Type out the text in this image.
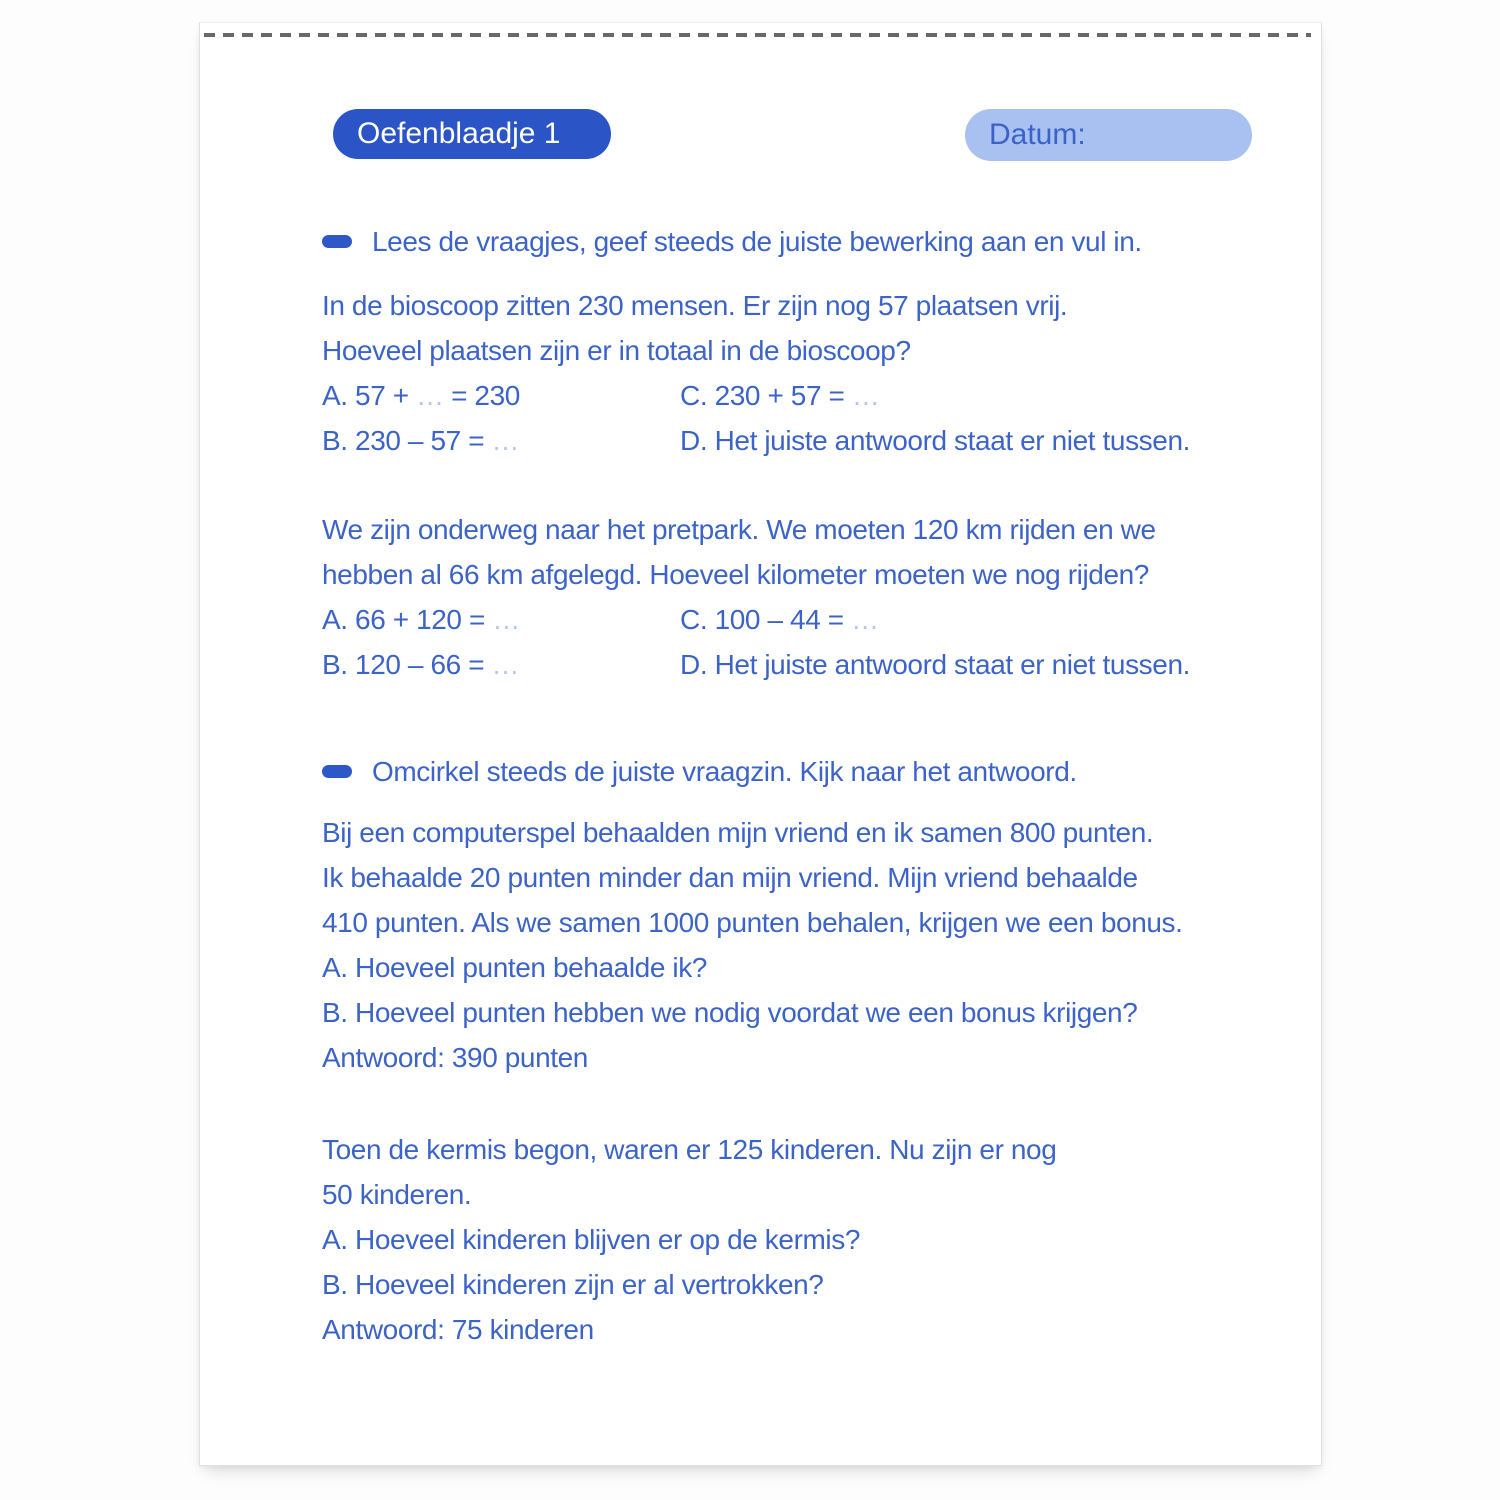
Oefenblaadje 1	Datum:
Lees de vraagjes, geef steeds de juiste bewerking aan en vul in.
In de bioscoop zitten 230 mensen. Er zijn nog 57 plaatsen vrij.
Hoeveel plaatsen zijn er in totaal in de bioscoop?
A. 57 + … = 230	C. 230 + 57 = …
B. 230 – 57 = …	D. Het juiste antwoord staat er niet tussen.
We zijn onderweg naar het pretpark. We moeten 120 km rijden en we
hebben al 66 km afgelegd. Hoeveel kilometer moeten we nog rijden?
A. 66 + 120 = …	C. 100 – 44 = …
B. 120 – 66 = …	D. Het juiste antwoord staat er niet tussen.
Omcirkel steeds de juiste vraagzin. Kijk naar het antwoord.
Bij een computerspel behaalden mijn vriend en ik samen 800 punten.
Ik behaalde 20 punten minder dan mijn vriend. Mijn vriend behaalde
410 punten. Als we samen 1000 punten behalen, krijgen we een bonus.
A. Hoeveel punten behaalde ik?
B. Hoeveel punten hebben we nodig voordat we een bonus krijgen?
Antwoord: 390 punten
Toen de kermis begon, waren er 125 kinderen. Nu zijn er nog
50 kinderen.
A. Hoeveel kinderen blijven er op de kermis?
B. Hoeveel kinderen zijn er al vertrokken?
Antwoord: 75 kinderen
